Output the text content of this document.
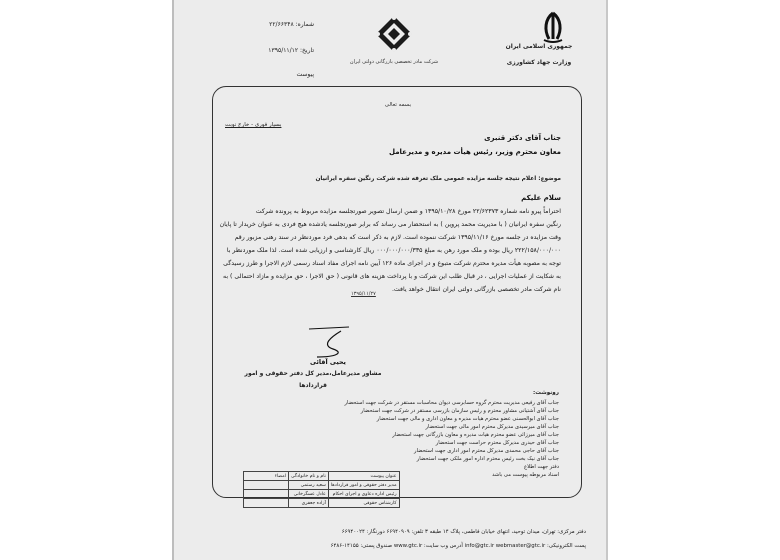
شماره: ۲۲/۶۶۳۴۸
تاریخ: ۱۳۹۵/۱۱/۱۲
پیوست
شرکت مادر تخصصی بازرگانی دولتی ایران
جمهوری اسلامی ایران
وزارت جهاد کشاورزی
بسمه تعالی
بسیار فوری - خارج نوبت
جناب آقای دکتر قنبری
معاون محترم وزیر، رئیس هیأت مدیره و مدیرعامل
موضوع: اعلام نتیجه جلسه مزایده عمومی ملک تعرفه شده شرکت رنگین سفره ایرانیان
سلام علیکم
احتراماً پیرو نامه شماره ۲۲/۶۲۳۷۳ مورخ ۱۳۹۵/۱۰/۲۸ و ضمن ارسال تصویر صورتجلسه مزایده مربوط به پرونده شرکت
رنگین سفره ایرانیان ( با مدیریت محمد پروین ) به استحضار می رساند که برابر صورتجلسه یادشده هیچ فردی به عنوان خریدار تا پایان
وقت مزایده در جلسه مورخ ۱۳۹۵/۱۱/۱۶ شرکت ننموده است. لازم به ذکر است که بدهی فرد موردنظر در سند رهنی مزبور رقم
۲۲۲/۱۵۸/۰۰۰/۰۰۰ ریال بوده و ملک مورد رهن به مبلغ ۰۰۰/۰۰۰/۰۰۰/۳۳۵ ریال کارشناسی و ارزیابی شده است. لذا ملک موردنظر با
توجه به مصوبه هیأت مدیره محترم شرکت متبوع و در اجرای ماده ۱۲۶ آیین نامه اجرای مفاد اسناد رسمی لازم الاجرا و طرز رسیدگی
به شکایت از عملیات اجرایی ، در قبال طلب این شرکت و با پرداخت هزینه های قانونی ( حق الاجرا ، حق مزایده و مازاد احتمالی ) به
نام شرکت مادر تخصصی بازرگانی دولتی ایران انتقال خواهد یافت.
۱۳۹۵/۱۱/۲۷
یحیی آقائی
مشاور مدیرعامل،مدیر کل دفتر حقوقی و امور
قراردادها
رونوشت:
جناب آقای رفیعی مدیریت محترم گروه حسابرسی دیوان محاسبات مستقر در شرکت جهت استحضار
جناب آقای آشتیانی مشاور محترم و رئیس سازمان بازرسی مستقر در شرکت جهت استحضار
جناب آقای ابوالحسنی عضو محترم هیات مدیره و معاون اداری و مالی جهت استحضار
جناب آقای میرسیدی مدیرکل محترم امور مالی جهت استحضار
جناب آقای میرزائی عضو محترم هیات مدیره و معاون بازرگانی جهت استحضار
جناب آقای حیدری مدیرکل محترم حراست جهت استحضار
جناب آقای حاجی محمدی مدیرکل محترم امور اداری جهت استحضار
جناب آقای نیک بخت رئیس محترم اداره امور ملکی جهت استحضار
دفتر جهت اطلاع
اسناد مربوطه پیوست می باشد
عنوان پیوست	نام و نام خانوادگی	امضاء
مدیر دفتر حقوقی و امور قراردادها	سعید رستمی	
رئیس اداره دعاوی و اجرای احکام	عادل عسگرخانی	
کارشناس حقوقی	آزاده جعفری	
دفتر مرکزی: تهران، میدان توحید، انتهای خیابان فاطمی، پلاک ۱۴ طبقه ۳ تلفن: ۶۶۹۴۰۹۰۹ دورنگار: ۶۶۹۴۰۰۲۴
پست الکترونیکی: info@gtc.ir webmaster@gtc.ir آدرس وب سایت: www.gtc.ir صندوق پستی: ۱۴۱۵۵-۶۴۸۶
